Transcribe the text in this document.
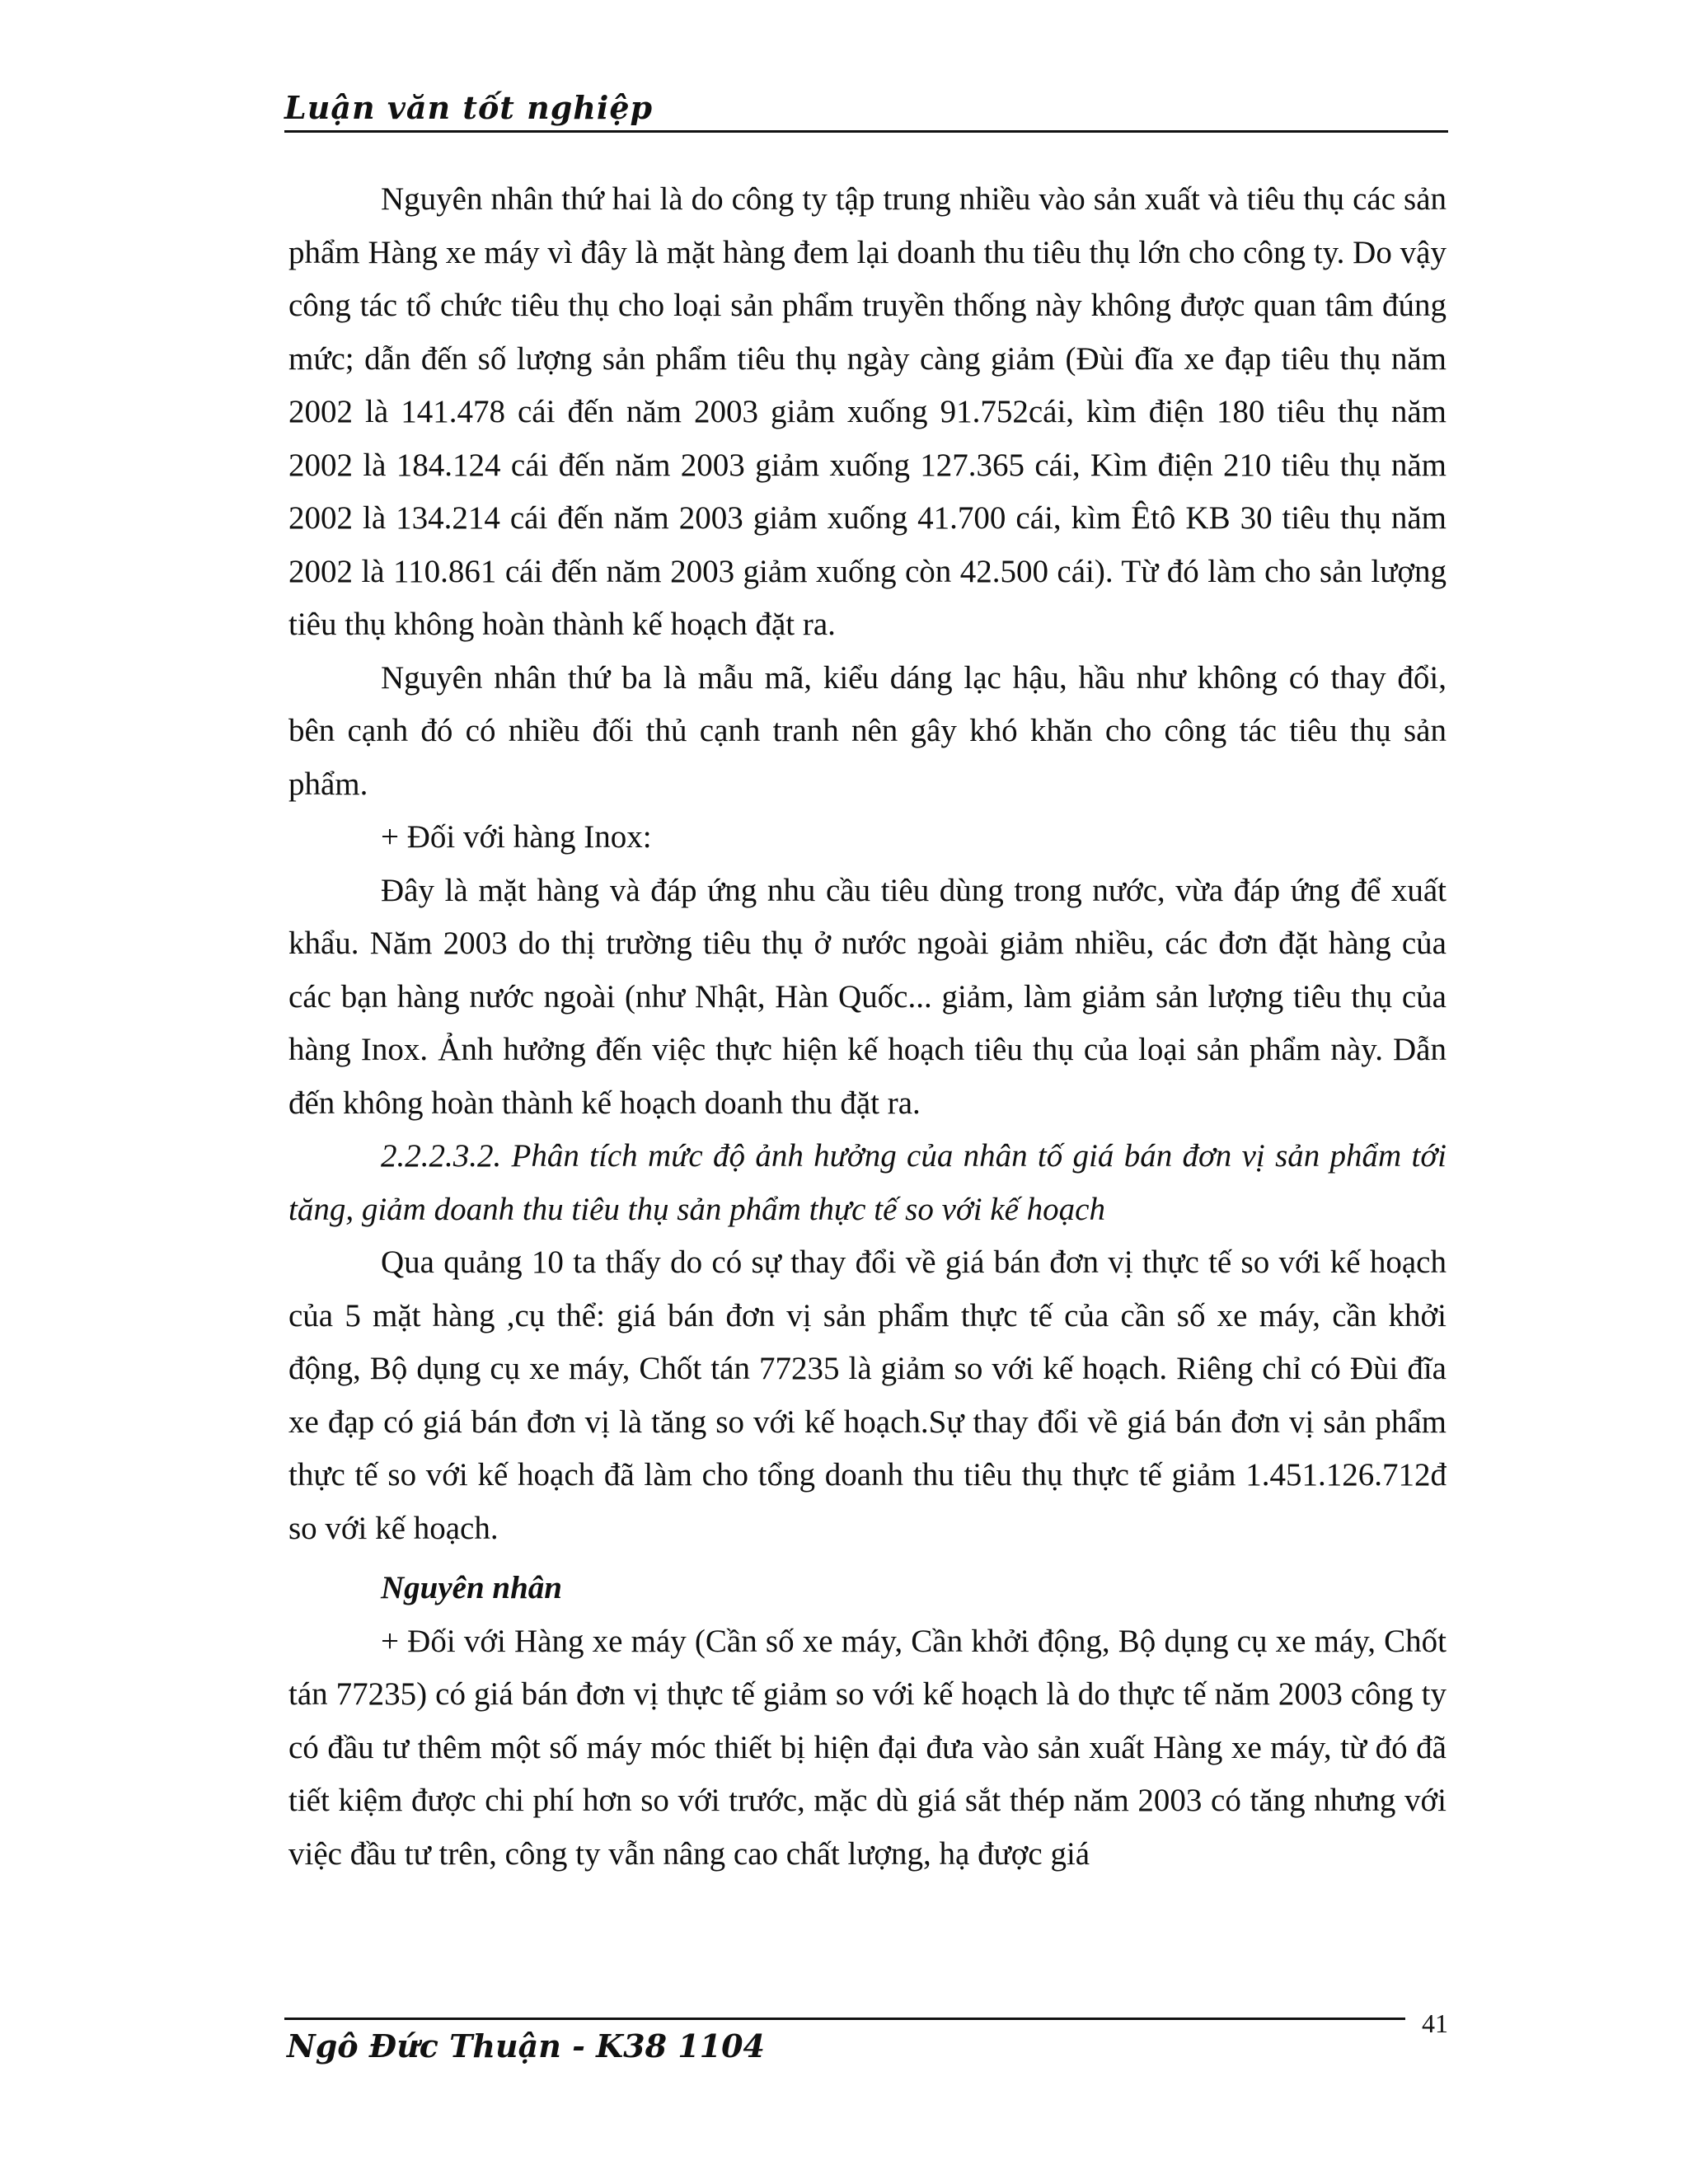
Luận văn tốt nghiệp

Nguyên nhân thứ hai là do công ty tập trung nhiều vào sản xuất và tiêu thụ các sản phẩm Hàng xe máy vì đây là mặt hàng đem lại doanh thu tiêu thụ lớn cho công ty. Do vậy công tác tổ chức tiêu thụ cho loại sản phẩm truyền thống này không được quan tâm đúng mức; dẫn đến số lượng sản phẩm tiêu thụ ngày càng giảm (Đùi đĩa xe đạp tiêu thụ năm 2002 là 141.478 cái đến năm 2003 giảm xuống 91.752cái, kìm điện 180 tiêu thụ năm 2002 là 184.124 cái đến năm 2003 giảm xuống 127.365 cái, Kìm điện 210 tiêu thụ năm 2002 là 134.214 cái đến năm 2003 giảm xuống 41.700 cái, kìm Êtô KB 30 tiêu thụ năm 2002 là 110.861 cái đến năm 2003 giảm xuống còn 42.500 cái). Từ đó làm cho sản lượng tiêu thụ không hoàn thành kế hoạch đặt ra.

Nguyên nhân thứ ba là mẫu mã, kiểu dáng lạc hậu, hầu như không có thay đổi, bên cạnh đó có nhiều đối thủ cạnh tranh nên gây khó khăn cho công tác tiêu thụ sản phẩm.

+ Đối với hàng Inox:

Đây là mặt hàng và đáp ứng nhu cầu tiêu dùng trong nước, vừa đáp ứng để xuất khẩu. Năm 2003 do thị trường tiêu thụ ở nước ngoài giảm nhiều, các đơn đặt hàng của các bạn hàng nước ngoài (như Nhật, Hàn Quốc... giảm, làm giảm sản lượng tiêu thụ của hàng Inox. Ảnh hưởng đến việc thực hiện kế hoạch tiêu thụ của loại sản phẩm này. Dẫn đến không hoàn thành kế hoạch doanh thu đặt ra.

2.2.2.3.2. Phân tích mức độ ảnh hưởng của nhân tố giá bán đơn vị sản phẩm tới tăng, giảm doanh thu tiêu thụ sản phẩm thực tế so với kế hoạch

Qua quảng 10 ta thấy do có sự thay đổi về giá bán đơn vị thực tế so với kế hoạch của 5 mặt hàng ,cụ thể: giá bán đơn vị sản phẩm thực tế của cần số xe máy, cần khởi động, Bộ dụng cụ xe máy, Chốt tán 77235 là giảm so với kế hoạch. Riêng chỉ có Đùi đĩa xe đạp có giá bán đơn vị là tăng so với kế hoạch.Sự thay đổi về giá bán đơn vị sản phẩm thực tế so với kế hoạch đã làm cho tổng doanh thu tiêu thụ thực tế giảm 1.451.126.712đ so với kế hoạch.

Nguyên nhân

+ Đối với Hàng xe máy (Cần số xe máy, Cần khởi động, Bộ dụng cụ xe máy, Chốt tán 77235) có giá bán đơn vị thực tế giảm so với kế hoạch là do thực tế năm 2003 công ty có đầu tư thêm một số máy móc thiết bị hiện đại đưa vào sản xuất Hàng xe máy, từ đó đã tiết kiệm được chi phí hơn so với trước, mặc dù giá sắt thép năm 2003 có tăng nhưng với việc đầu tư trên, công ty vẫn nâng cao chất lượng, hạ được giá

Ngô Đức Thuận - K38 1104
41
